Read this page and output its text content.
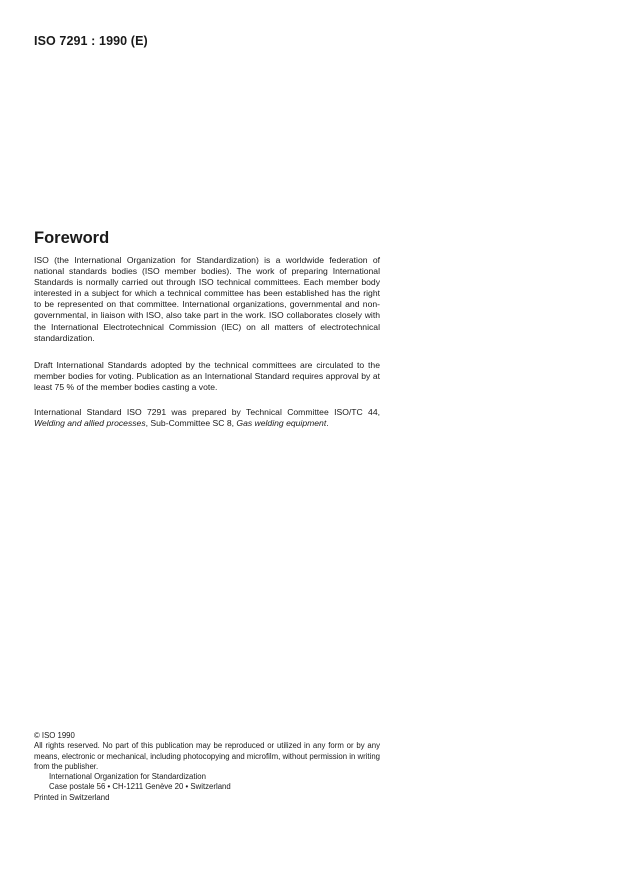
ISO 7291 : 1990 (E)
Foreword
ISO (the International Organization for Standardization) is a worldwide federation of national standards bodies (ISO member bodies). The work of preparing International Standards is normally carried out through ISO technical committees. Each member body interested in a subject for which a technical committee has been established has the right to be represented on that committee. International organizations, governmental and non-governmental, in liaison with ISO, also take part in the work. ISO collaborates closely with the International Electrotechnical Commission (IEC) on all matters of electrotechnical standardization.
Draft International Standards adopted by the technical committees are circulated to the member bodies for voting. Publication as an International Standard requires approval by at least 75 % of the member bodies casting a vote.
International Standard ISO 7291 was prepared by Technical Committee ISO/TC 44, Welding and allied processes, Sub-Committee SC 8, Gas welding equipment.
© ISO 1990
All rights reserved. No part of this publication may be reproduced or utilized in any form or by any means, electronic or mechanical, including photocopying and microfilm, without permission in writing from the publisher.
International Organization for Standardization
Case postale 56 • CH-1211 Genève 20 • Switzerland
Printed in Switzerland
